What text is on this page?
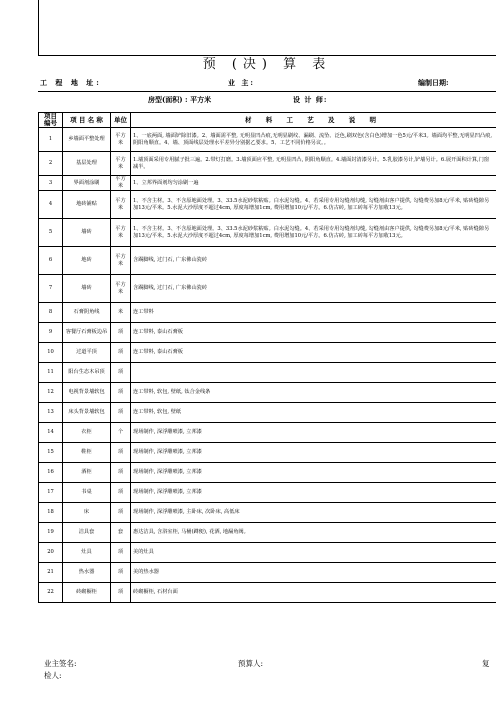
预 (决) 算 表
工 程 地 址:	业 主:	编制日期:
房型(面积) : 平方米	设 计 师:
项目编号	项 目 名 称	单位	材 料 工 艺 及 说 明
1	乡墙面平整处理	平方米	1、一底两面, 墙面铲除旧漆。2、墙面需平整, 无明显凹凸痕,无明显刷纹、漏刷、流坠、泛色,刷双色(含白色)增加一色5元/平米3。墙面均平整,无明显凹凸痕,阴阳角顺直。4、墙、顶面线层处理水平差异分别据乙要求。5、工艺不同价格另议。。
2	基层处理	平方米	1.墙顶面采用专用腻子批三遍。2.带灯打磨。3.墙顶面应平整, 无明显凹凸, 阴阳角顺直。4.墙面封清漆另计。5.乳胶漆另计,铲墙另计。6.展开面积计算,门窗减半。
3	界面剂涂刷	平方米	1、立邦界面剂均匀涂刷一遍
4	地砖铺贴	平方米	1、不含主材。3、不含原地面处理。3、33.5水泥砂浆粘贴。白水泥勾缝。4、若采用专用勾缝剂勾缝, 勾缝剂由客户提供, 勾缝费另加8元/平米, 贴砖缝隙另加13元/平米。5.水泥大沙厚度不超过4cm, 厚度每增加1cm, 费用增加10元/平方。6.仿古砖, 加工砖每平方加收13元。
5	墙砖	平方米	1、不含主材。3、不含原地面处理。3、33.5水泥砂浆粘贴。白水泥勾缝。4、若采用专用勾缝剂勾缝, 勾缝剂由客户提供, 勾缝费另加8元/平米, 贴砖缝隙另加13元/平米。5.水泥大沙厚度不超过4cm, 厚度每增加1cm, 费用增加10元/平方。6.仿古砖, 加工砖每平方加收13元。
6	地砖	平方米	含踢脚线, 过门石, 广东佛山瓷砖
7	墙砖	平方米	含踢脚线, 过门石, 广东佛山瓷砖
8	石膏阴角线	米	连工带料
9	客餐厅石膏板边吊	项	连工带料, 泰山石膏板
10	过道平顶	项	连工带料, 泰山石膏板
11	阳台生态木吊顶	项	
12	电视背景墙软包	项	连工带料, 软包, 壁纸, 钛合金线条
13	床头背景墙软包	项	连工带料, 软包, 壁纸
14	衣柜	个	现场制作, 深浮雕喷漆, 立邦漆
15	鞋柜	项	现场制作, 深浮雕喷漆, 立邦漆
16	酒柜	项	现场制作, 深浮雕喷漆, 立邦漆
17	书桌	项	现场制作, 深浮雕喷漆, 立邦漆
18	床	项	现场制作, 深浮雕喷漆, 主卧床, 次卧床, 高低床
19	洁具套	套	惠达洁具, 含浴室柜, 马桶(蹲便), 花洒, 地漏角阀。
20	灶具	项	美的灶具
21	热水器	项	美的热水器
22	砖砌橱柜	项	砖砌橱柜, 石材台面
业主签名:
检人:
预算人:	复
